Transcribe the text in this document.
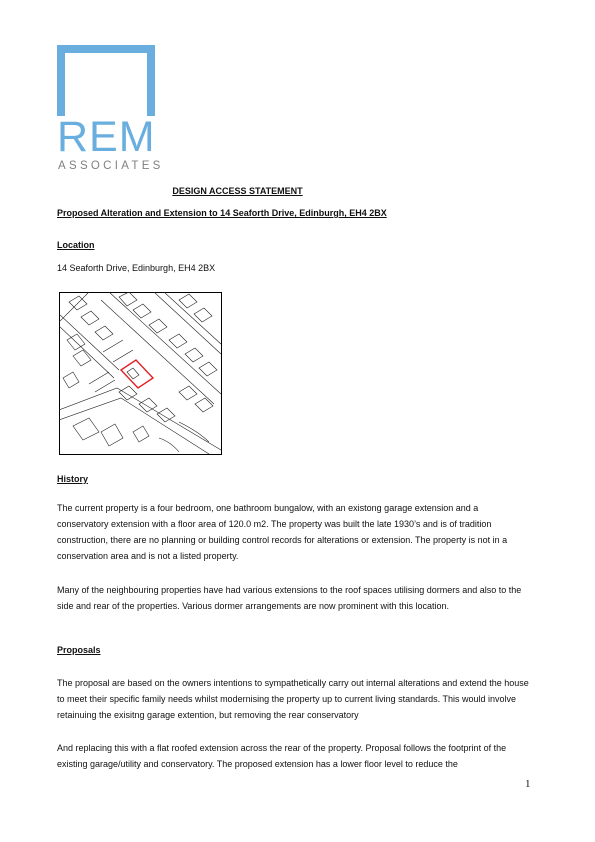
REM
ASSOCIATES
DESIGN ACCESS STATEMENT
Proposed Alteration and Extension to 14 Seaforth Drive, Edinburgh, EH4 2BX
Location
14 Seaforth Drive, Edinburgh, EH4 2BX
History
The current property is a four bedroom, one bathroom bungalow, with an existong garage extension and a conservatory extension with a floor area of 120.0 m2. The property was built the late 1930’s and is of tradition construction, there are no planning or building control records for alterations or extension. The property is not in a conservation area and is not a listed property.
Many of the neighbouring properties have had various extensions to the roof spaces utilising dormers and also to the side and rear of the properties. Various dormer arrangements are now prominent with this location.
Proposals
The proposal are based on the owners intentions to sympathetically carry out internal alterations and extend the house to meet their specific family needs whilst modernising the property up to current living standards. This would involve retainuing the exisitng garage extention, but removing the rear conservatory
And replacing this with a flat roofed extension across the rear of the property. Proposal follows the footprint of the existing garage/utility and conservatory. The proposed extension has a lower floor level to reduce the
1
